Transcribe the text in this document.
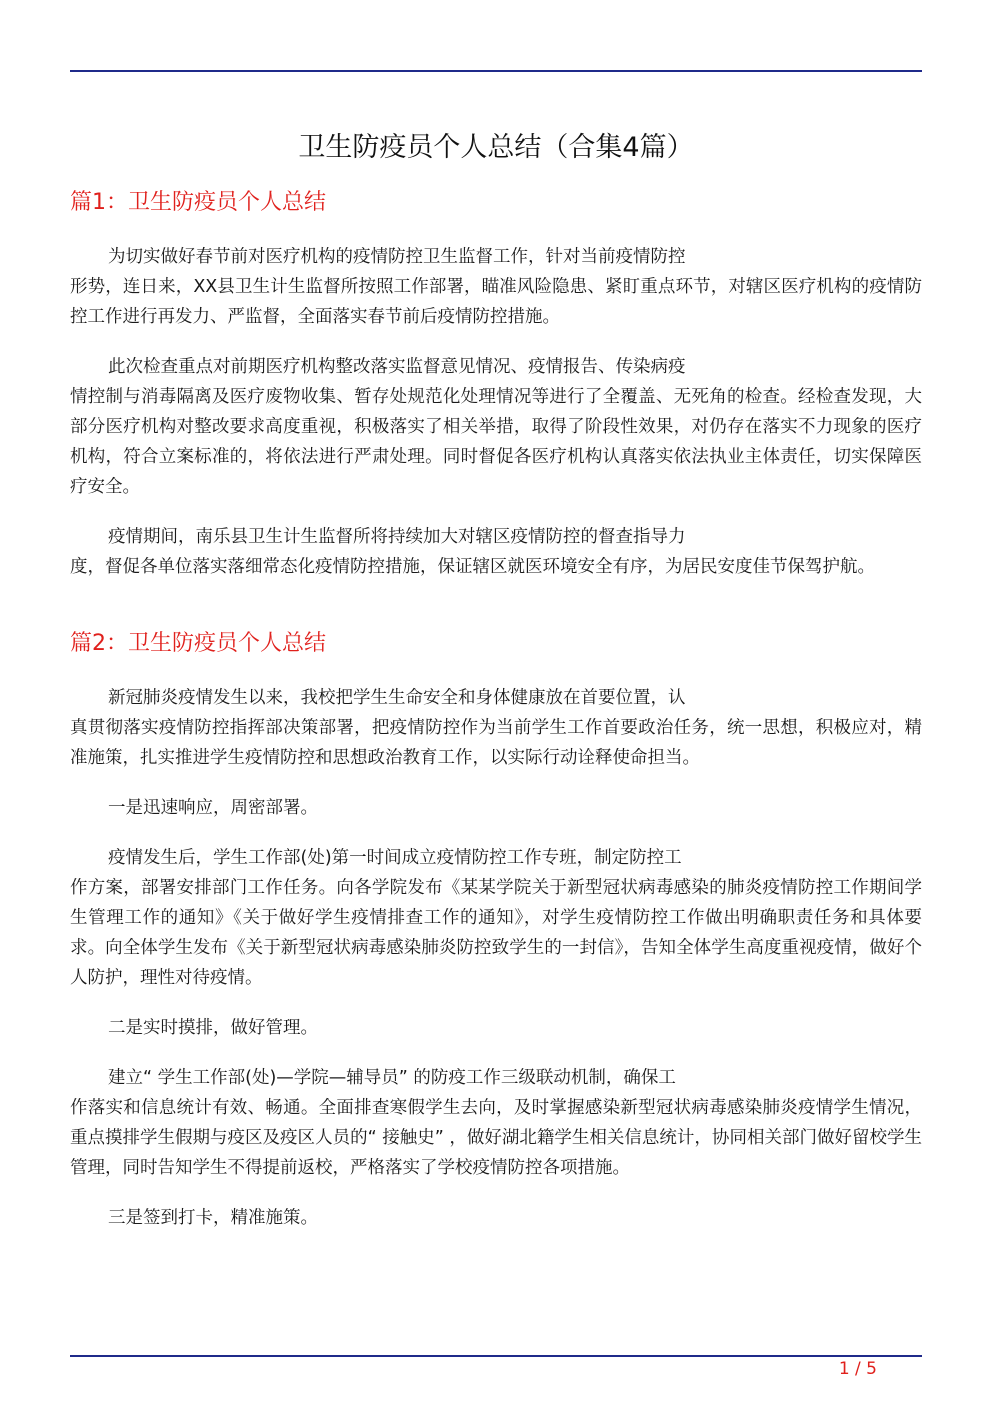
卫生防疫员个人总结（合集4篇）
篇1：卫生防疫员个人总结

为切实做好春节前对医疗机构的疫情防控卫生监督工作，针对当前疫情防控
形势，连日来，XX县卫生计生监督所按照工作部署，瞄准风险隐患、紧盯重点环节，对辖区医疗机构的疫情防控工作进行再发力、严监督，全面落实春节前后疫情防控措施。

此次检查重点对前期医疗机构整改落实监督意见情况、疫情报告、传染病疫
情控制与消毒隔离及医疗废物收集、暂存处规范化处理情况等进行了全覆盖、无死角的检查。经检查发现，大部分医疗机构对整改要求高度重视，积极落实了相关举措，取得了阶段性效果，对仍存在落实不力现象的医疗机构，符合立案标准的，将依法进行严肃处理。同时督促各医疗机构认真落实依法执业主体责任，切实保障医疗安全。

疫情期间，南乐县卫生计生监督所将持续加大对辖区疫情防控的督查指导力
度，督促各单位落实落细常态化疫情防控措施，保证辖区就医环境安全有序，为居民安度佳节保驾护航。

篇2：卫生防疫员个人总结

新冠肺炎疫情发生以来，我校把学生生命安全和身体健康放在首要位置，认
真贯彻落实疫情防控指挥部决策部署，把疫情防控作为当前学生工作首要政治任务，统一思想，积极应对，精准施策，扎实推进学生疫情防控和思想政治教育工作，以实际行动诠释使命担当。

一是迅速响应，周密部署。

疫情发生后，学生工作部(处)第一时间成立疫情防控工作专班，制定防控工
作方案，部署安排部门工作任务。向各学院发布《某某学院关于新型冠状病毒感染的肺炎疫情防控工作期间学生管理工作的通知》《关于做好学生疫情排查工作的通知》，对学生疫情防控工作做出明确职责任务和具体要求。向全体学生发布《关于新型冠状病毒感染肺炎防控致学生的一封信》，告知全体学生高度重视疫情，做好个人防护，理性对待疫情。

二是实时摸排，做好管理。

建立“ 学生工作部(处)—学院—辅导员” 的防疫工作三级联动机制，确保工
作落实和信息统计有效、畅通。全面排查寒假学生去向，及时掌握感染新型冠状病毒感染肺炎疫情学生情况，重点摸排学生假期与疫区及疫区人员的“ 接触史” ，做好湖北籍学生相关信息统计，协同相关部门做好留校学生管理，同时告知学生不得提前返校，严格落实了学校疫情防控各项措施。

三是签到打卡，精准施策。

1 / 5
